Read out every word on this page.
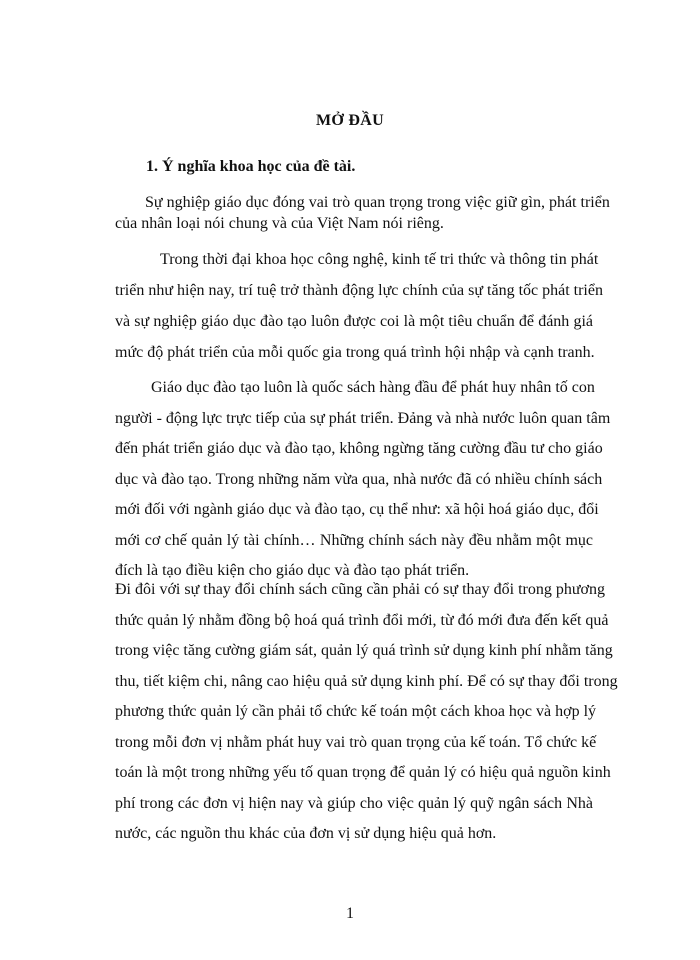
MỞ ĐẦU
1. Ý nghĩa khoa học của đề tài.
Sự nghiệp giáo dục đóng vai trò quan trọng trong việc giữ gìn, phát triển
của nhân loại nói chung và của Việt Nam nói riêng.
Trong thời đại khoa học công nghệ, kinh tế tri thức và thông tin phát
triển như hiện nay, trí tuệ trở thành động lực chính của sự tăng tốc phát triển
và sự nghiệp giáo dục đào tạo luôn được coi là một tiêu chuẩn để đánh giá
mức độ phát triển của mỗi quốc gia trong quá trình hội nhập và cạnh tranh.
Giáo dục đào tạo luôn là quốc sách hàng đầu để phát huy nhân tố con
người - động lực trực tiếp của sự phát triển. Đảng và nhà nước luôn quan tâm
đến phát triển giáo dục và đào tạo, không ngừng tăng cường đầu tư cho giáo
dục và đào tạo. Trong những năm vừa qua, nhà nước đã có nhiều chính sách
mới đối với ngành giáo dục và đào tạo, cụ thể như: xã hội hoá giáo dục, đổi
mới cơ chế quản lý tài chính… Những chính sách này đều nhằm một mục
đích là tạo điều kiện cho giáo dục và đào tạo phát triển.
Đi đôi với sự thay đổi chính sách cũng cần phải có sự thay đổi trong phương
thức quản lý nhằm đồng bộ hoá quá trình đổi mới, từ đó mới đưa đến kết quả
trong việc tăng cường giám sát, quản lý quá trình sử dụng kinh phí nhằm tăng
thu, tiết kiệm chi, nâng cao hiệu quả sử dụng kinh phí. Để có sự thay đổi trong
phương thức quản lý cần phải tổ chức kế toán một cách khoa học và hợp lý
trong mỗi đơn vị nhằm phát huy vai trò quan trọng của kế toán. Tổ chức kế
toán là một trong những yếu tố quan trọng để quản lý có hiệu quả nguồn kinh
phí trong các đơn vị hiện nay và giúp cho việc quản lý quỹ ngân sách Nhà
nước, các nguồn thu khác của đơn vị sử dụng hiệu quả hơn.
1
